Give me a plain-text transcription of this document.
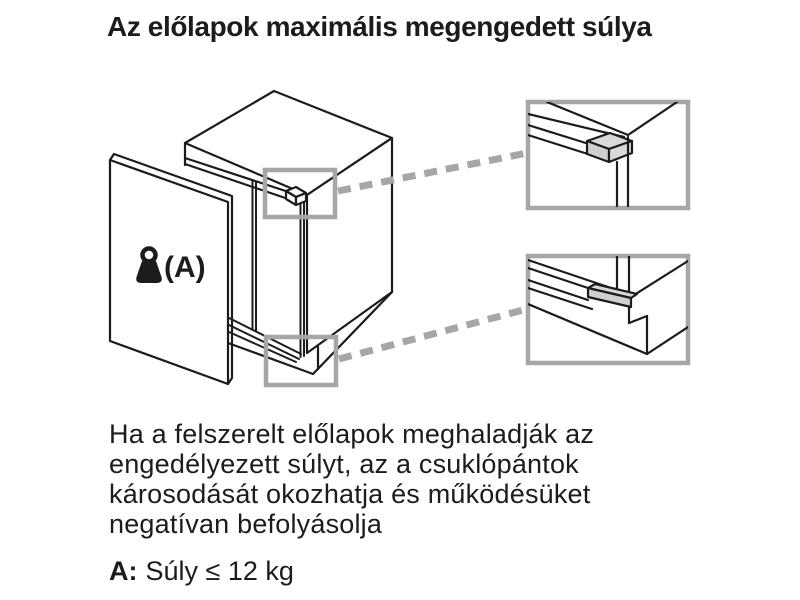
Az előlapok maximális megengedett súlya
(A)
Ha a felszerelt előlapok meghaladják az
engedélyezett súlyt, az a csuklópántok
károsodását okozhatja és működésüket
negatívan befolyásolja
A: Súly ≤ 12 kg
